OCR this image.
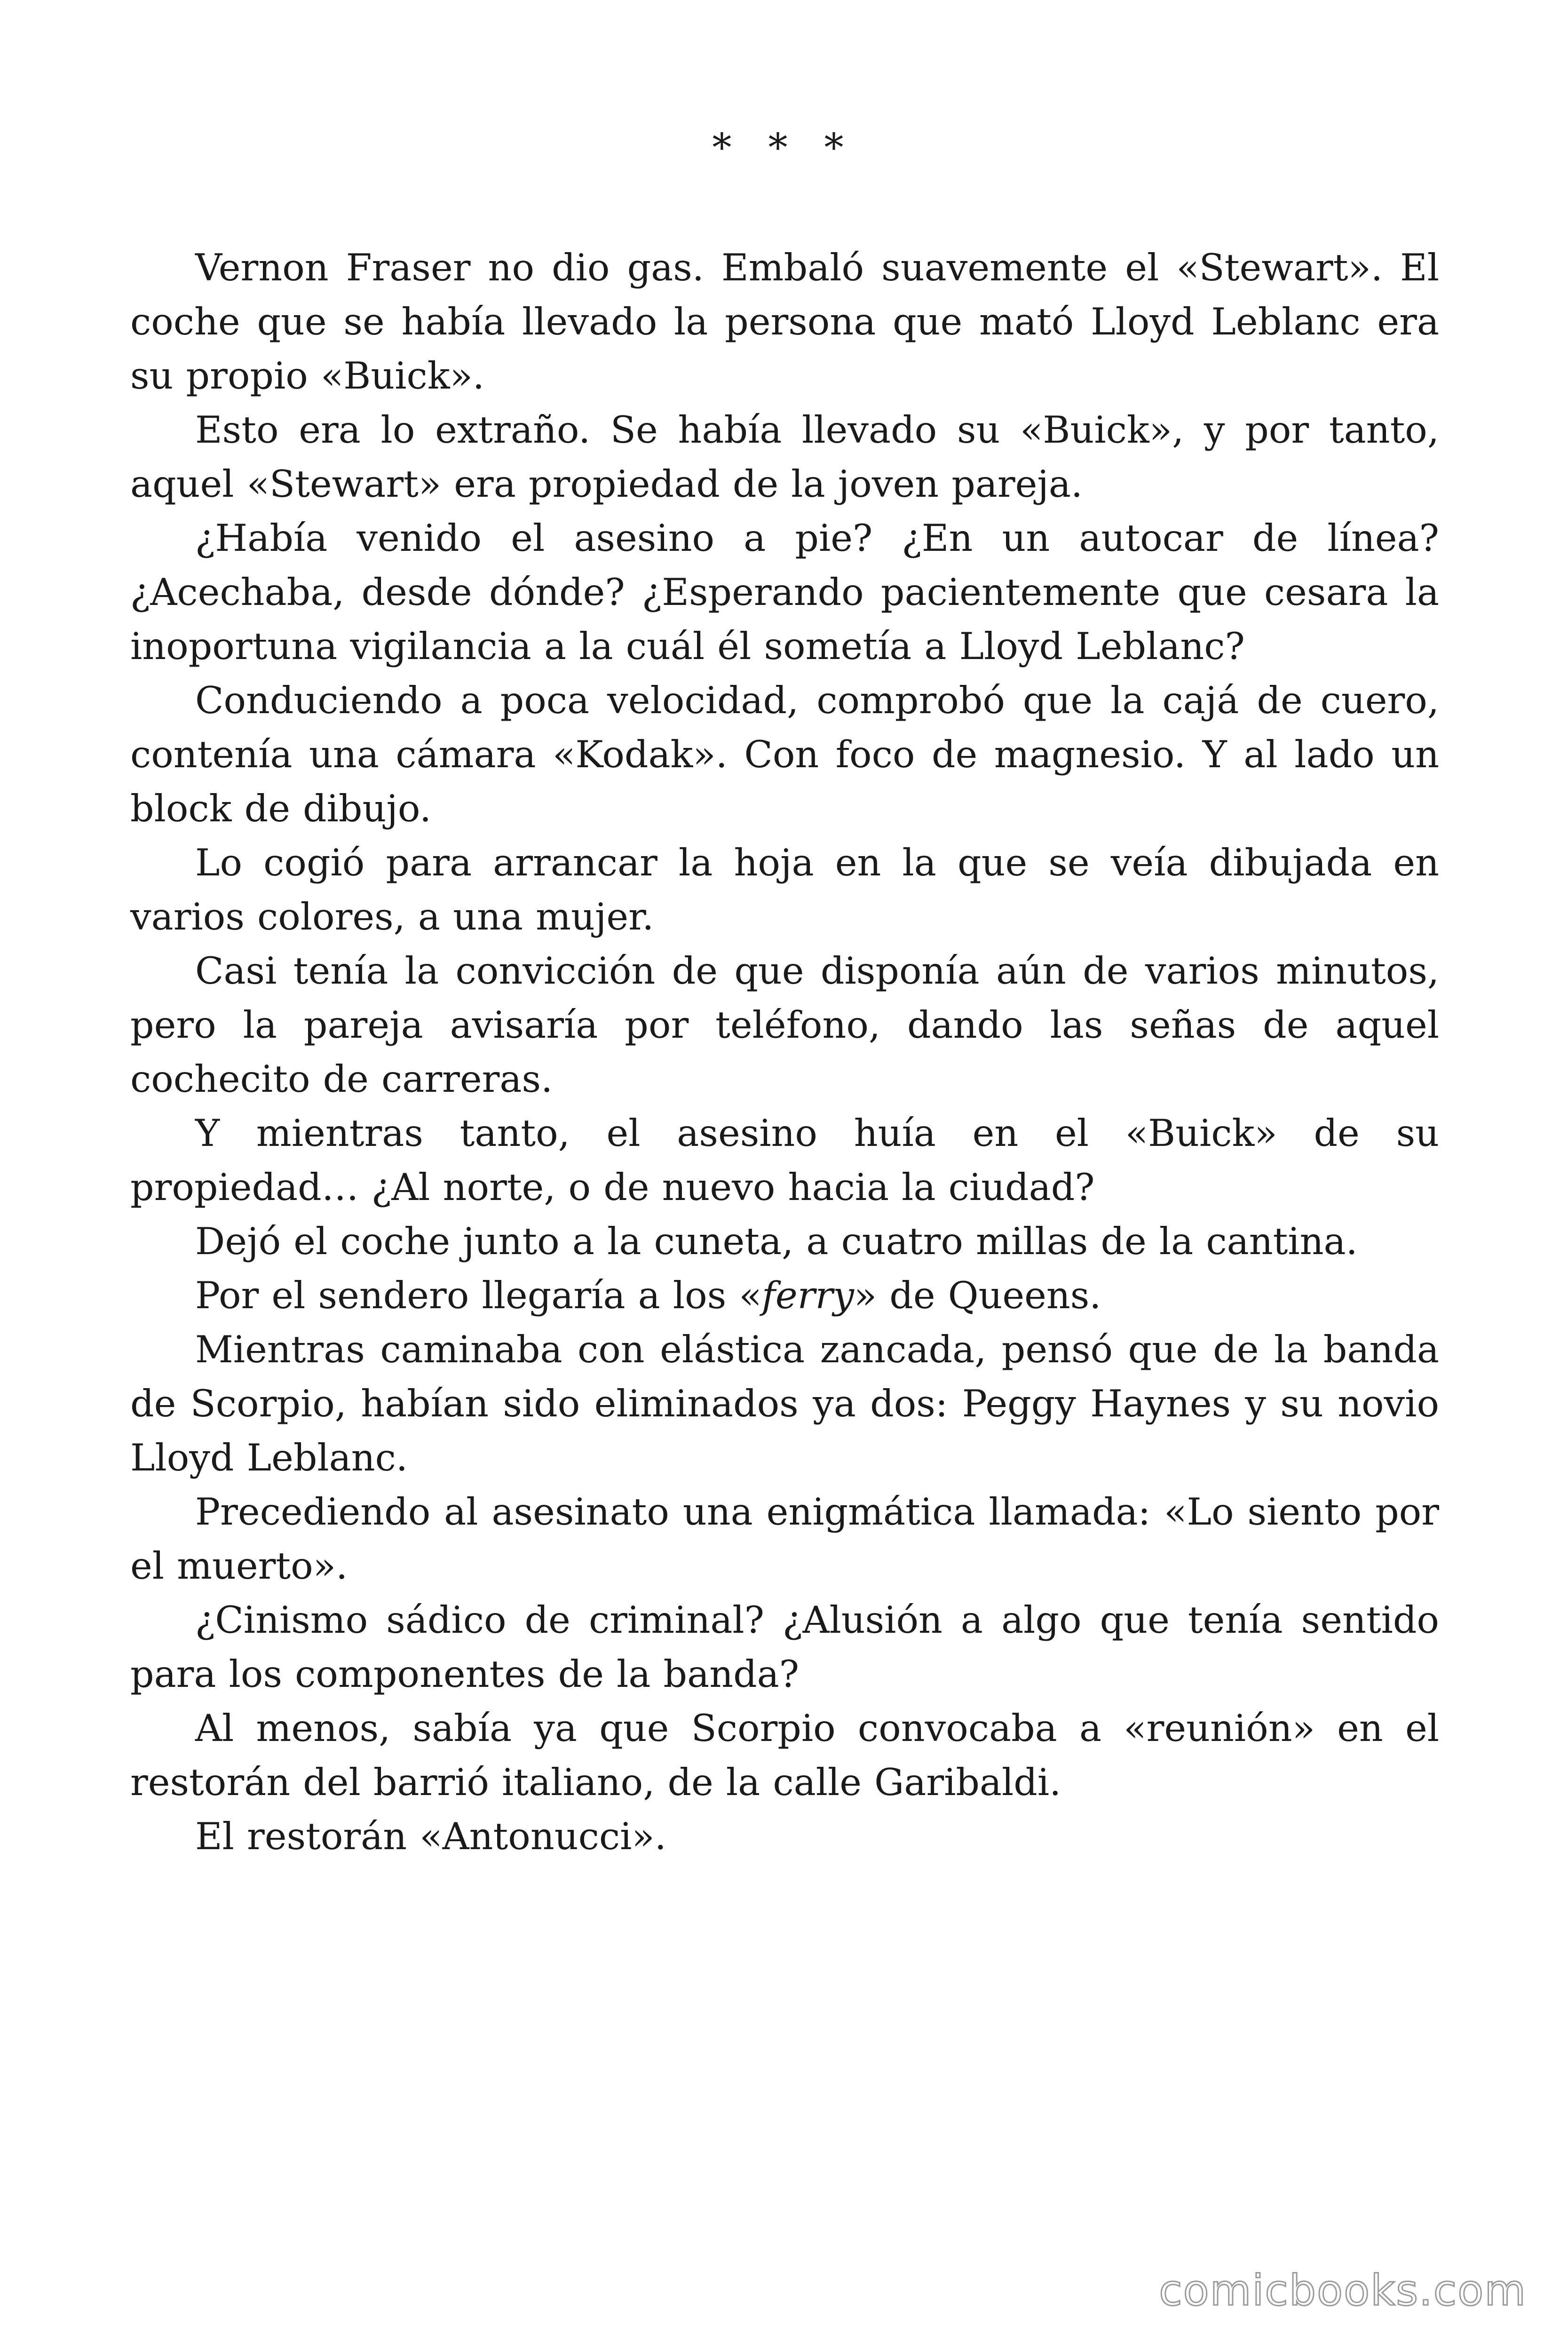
* * *

Vernon Fraser no dio gas. Embaló suavemente el «Stewart». El coche que se había llevado la persona que mató Lloyd Leblanc era su propio «Buick».

Esto era lo extraño. Se había llevado su «Buick», y por tanto, aquel «Stewart» era propiedad de la joven pareja.

¿Había venido el asesino a pie? ¿En un autocar de línea? ¿Acechaba, desde dónde? ¿Esperando pacientemente que cesara la inoportuna vigilancia a la cuál él sometía a Lloyd Leblanc?

Conduciendo a poca velocidad, comprobó que la cajá de cuero, contenía una cámara «Kodak». Con foco de magnesio. Y al lado un block de dibujo.

Lo cogió para arrancar la hoja en la que se veía dibujada en varios colores, a una mujer.

Casi tenía la convicción de que disponía aún de varios minutos, pero la pareja avisaría por teléfono, dando las señas de aquel cochecito de carreras.

Y mientras tanto, el asesino huía en el «Buick» de su propiedad… ¿Al norte, o de nuevo hacia la ciudad?

Dejó el coche junto a la cuneta, a cuatro millas de la cantina.

Por el sendero llegaría a los «ferry» de Queens.

Mientras caminaba con elástica zancada, pensó que de la banda de Scorpio, habían sido eliminados ya dos: Peggy Haynes y su novio Lloyd Leblanc.

Precediendo al asesinato una enigmática llamada: «Lo siento por el muerto».

¿Cinismo sádico de criminal? ¿Alusión a algo que tenía sentido para los componentes de la banda?

Al menos, sabía ya que Scorpio convocaba a «reunión» en el restorán del barrió italiano, de la calle Garibaldi.

El restorán «Antonucci».

comicbooks.com
